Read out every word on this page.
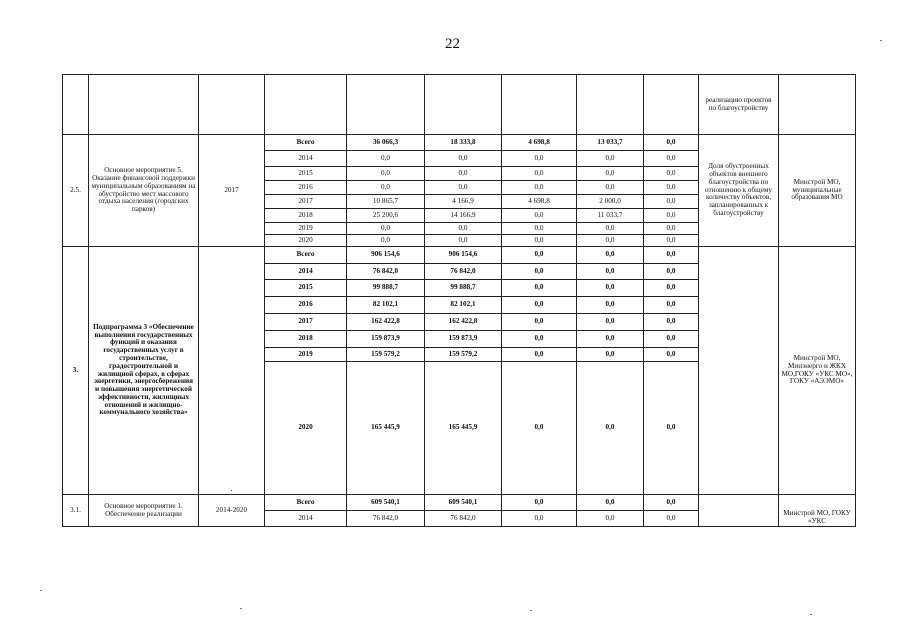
22
									реализацию проектов по благоустройству	
2.5.	Основное мероприятие 5. Оказание финансовой поддержки муниципальным образованиям на обустройство мест массового отдыха населения (городских парков)	2017	Всего	36 066,3	18 333,8	4 698,8	13 033,7	0,0	Доля обустроенных объектов внешнего благоустройства по отношению к общему количеству объектов, запланированных к благоустройству	Минстрой МО, муниципальные образования МО
			2014	0,0	0,0	0,0	0,0	0,0		
			2015	0,0	0,0	0,0	0,0	0,0		
			2016	0,0	0,0	0,0	0,0	0,0		
			2017	10 865,7	4 166,9	4 698,8	2 000,0	0,0		
			2018	25 200,6	14 166,9	0,0	11 033,7	0,0		
			2019	0,0	0,0	0,0	0,0	0,0		
			2020	0,0	0,0	0,0	0,0	0,0		
3.	Подпрограмма 3 «Обеспечение выполнения государственных функций и оказания государственных услуг в строительстве, градостроительной и жилищной сферах, в сферах энергетики, энергосбережения и повышения энергетической эффективности, жилищных отношений и жилищно-коммунального хозяйства»	.	Всего	906 154,6	906 154,6	0,0	0,0	0,0		Минстрой МО, Минэнерго и ЖКХ МО,ГОКУ «УКС МО», ГОКУ «АЭЭМО»
			2014	76 842,0	76 842,0	0,0	0,0	0,0		
			2015	99 888,7	99 888,7	0,0	0,0	0,0		
			2016	82 102,1	82 102,1	0,0	0,0	0,0		
			2017	162 422,8	162 422,8	0,0	0,0	0,0		
			2018	159 873,9	159 873,9	0,0	0,0	0,0		
			2019	159 579,2	159 579,2	0,0	0,0	0,0		
			2020	165 445,9	165 445,9	0,0	0,0	0,0		
3.1.	Основное мероприятие 1. Обеспечение реализации	2014-2020	Всего	609 540,1	609 540,1	0,0	0,0	0,0		Минстрой МО, ГОКУ «УКС
			2014	76 842,0	76 842,0	0,0	0,0	0,0		
